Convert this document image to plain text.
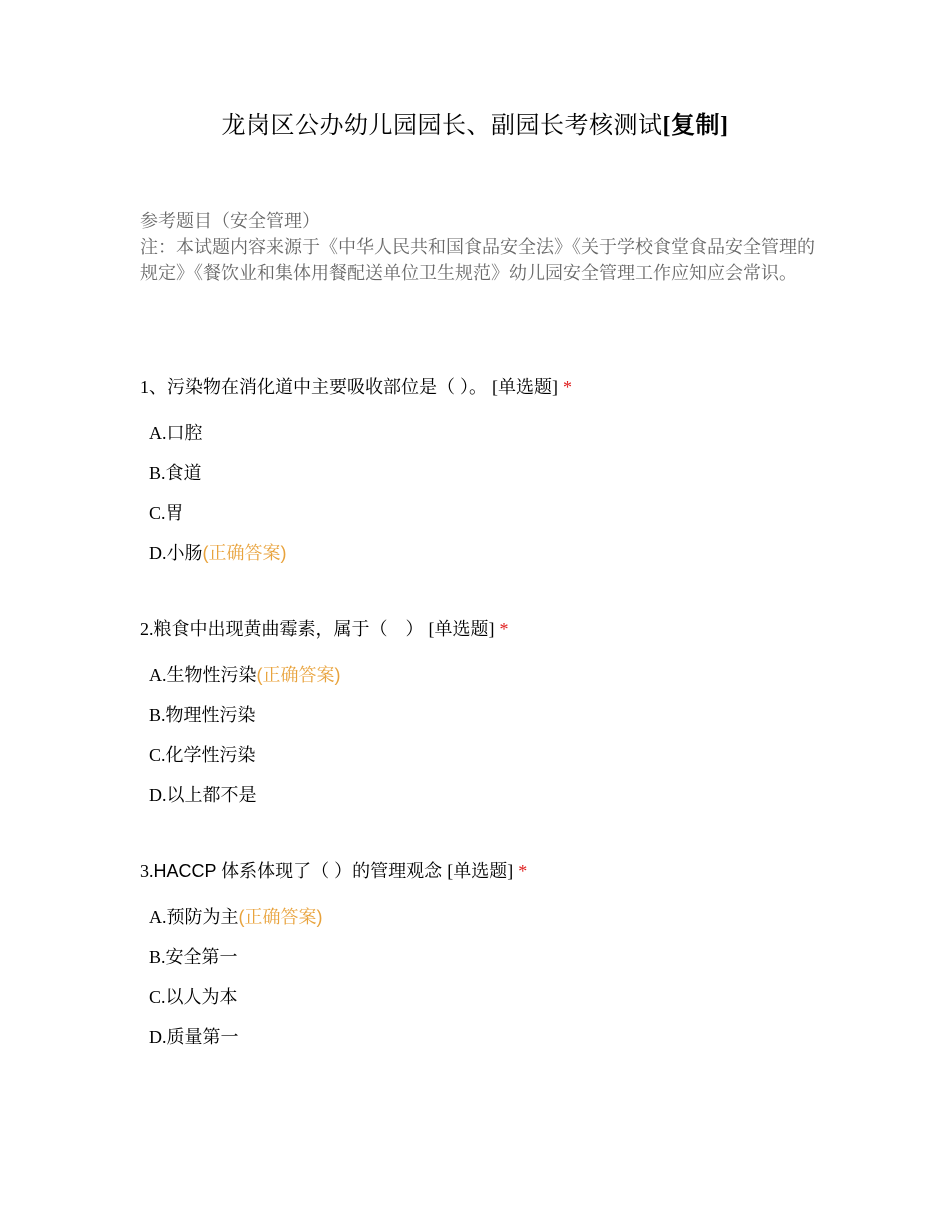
龙岗区公办幼儿园园长、副园长考核测试[复制]

参考题目（安全管理）

注：本试题内容来源于《中华人民共和国食品安全法》《关于学校食堂食品安全管理的规定》《餐饮业和集体用餐配送单位卫生规范》幼儿园安全管理工作应知应会常识。

1、污染物在消化道中主要吸收部位是（ ）。 [单选题] *

A.口腔
B.食道
C.胃
D.小肠(正确答案)

2.粮食中出现黄曲霉素，属于（　） [单选题] *

A.生物性污染(正确答案)
B.物理性污染
C.化学性污染
D.以上都不是

3.HACCP 体系体现了（ ）的管理观念 [单选题] *

A.预防为主(正确答案)
B.安全第一
C.以人为本
D.质量第一
